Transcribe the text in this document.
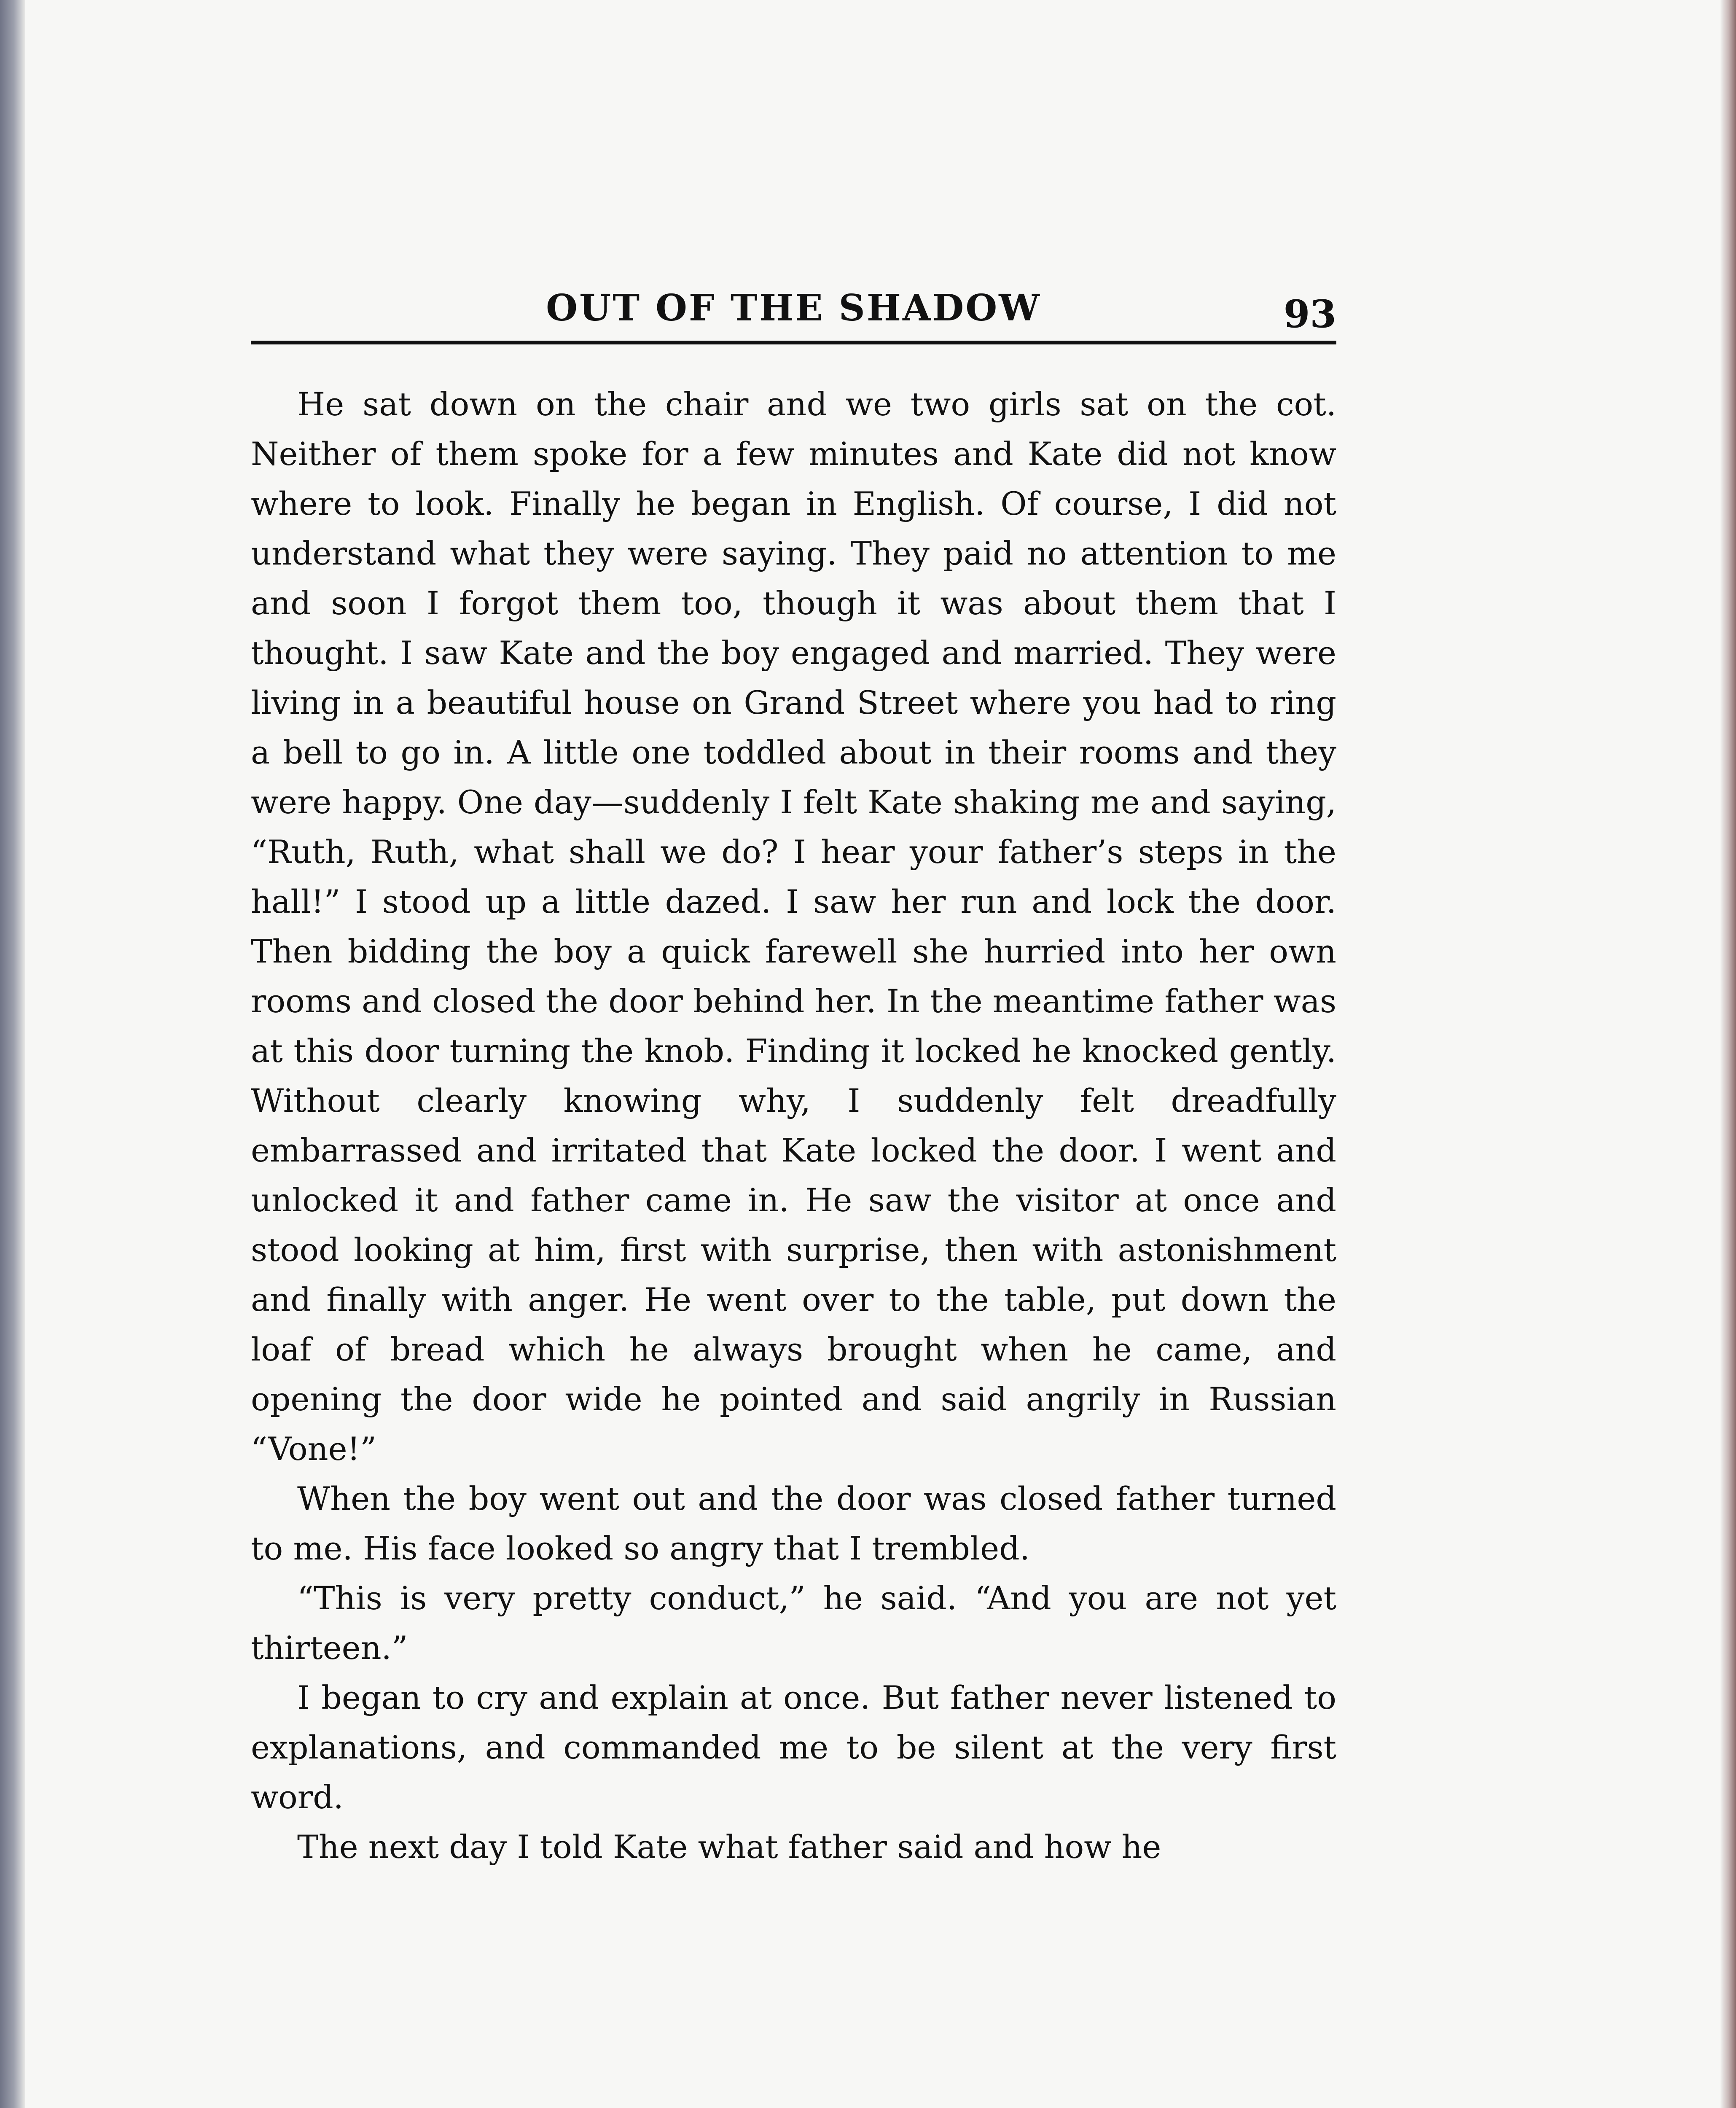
OUT OF THE SHADOW	93

He sat down on the chair and we two girls sat on the cot. Neither of them spoke for a few minutes and Kate did not know where to look. Finally he began in English. Of course, I did not understand what they were saying. They paid no attention to me and soon I forgot them too, though it was about them that I thought. I saw Kate and the boy engaged and married. They were living in a beautiful house on Grand Street where you had to ring a bell to go in. A little one toddled about in their rooms and they were happy. One day—suddenly I felt Kate shaking me and saying, “Ruth, Ruth, what shall we do? I hear your father’s steps in the hall!” I stood up a little dazed. I saw her run and lock the door. Then bidding the boy a quick farewell she hurried into her own rooms and closed the door behind her. In the meantime father was at this door turning the knob. Finding it locked he knocked gently. Without clearly knowing why, I suddenly felt dreadfully embarrassed and irritated that Kate locked the door. I went and unlocked it and father came in. He saw the visitor at once and stood looking at him, first with surprise, then with astonishment and finally with anger. He went over to the table, put down the loaf of bread which he always brought when he came, and opening the door wide he pointed and said angrily in Russian “Vone!”

When the boy went out and the door was closed father turned to me. His face looked so angry that I trembled.

“This is very pretty conduct,” he said. “And you are not yet thirteen.”

I began to cry and explain at once. But father never listened to explanations, and commanded me to be silent at the very first word.

The next day I told Kate what father said and how he
